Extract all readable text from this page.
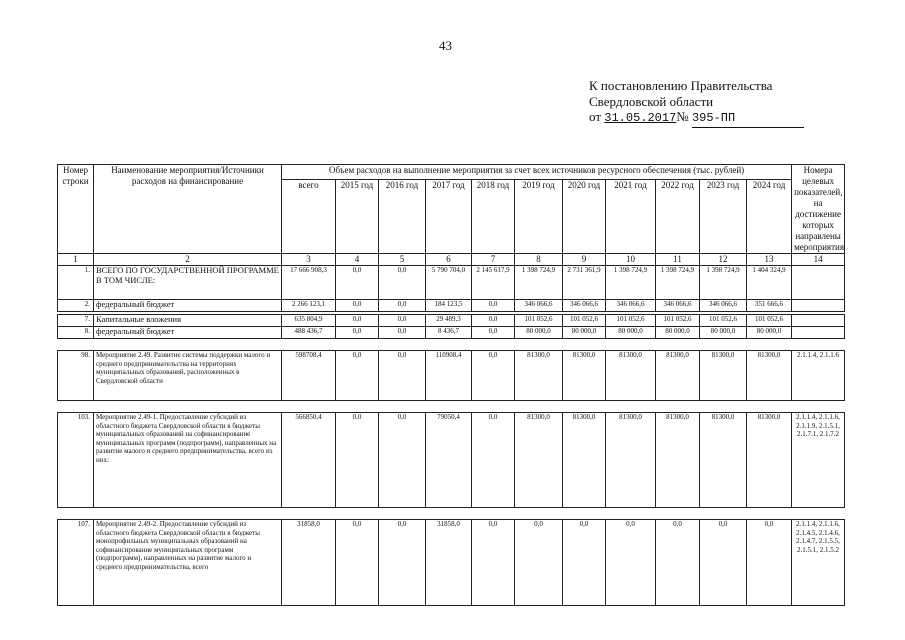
43
К постановлению Правительства
Свердловской области
от 31.05.2017№ 395-ПП
Номер строки	Наименование мероприятия/Источники расходов на финансирование	Объем расходов на выполнение мероприятия за счет всех источников ресурсного обеспечения (тыс. рублей)											Номера целевых показателей, на достижение которых направлены мероприятия
		всего	2015 год	2016 год	2017 год	2018 год	2019 год	2020 год	2021 год	2022 год	2023 год	2024 год	
1	2	3	4	5	6	7	8	9	10	11	12	13	14
1.	ВСЕГО ПО ГОСУДАРСТВЕННОЙ ПРОГРАММЕ В ТОМ ЧИСЛЕ:	17 666 908,3	0,0	0,0	5 790 704,0	2 145 617,9	1 398 724,9	2 731 361,9	1 398 724,9	1 398 724,9	1 398 724,9	1 404 324,9	
2.	федеральный бюджет	2 266 123,1	0,0	0,0	184 123,5	0,0	346 066,6	346 066,6	346 066,6	346 066,6	346 066,6	351 666,6	
7.	Капитальные вложения	635 804,9	0,0	0,0	29 489,3	0,0	101 052,6	101 052,6	101 052,6	101 052,6	101 052,6	101 052,6	
8.	федеральный бюджет	488 436,7	0,0	0,0	8 436,7	0,0	80 000,0	80 000,0	80 000,0	80 000,0	80 000,0	80 000,0	
98.	Мероприятие 2.49. Развитие системы поддержки малого и среднего предпринимательства на территориях муниципальных образований, расположенных в Свердловской области	598708,4	0,0	0,0	110908,4	0,0	81300,0	81300,0	81300,0	81300,0	81300,0	81300,0	2.1.1.4, 2.1.1.6
103.	Мероприятие 2.49-1. Предоставление субсидий из областного бюджета Свердловской области в бюджеты муниципальных образований на софинансирование муниципальных программ (подпрограмм), направленных на развитие малого и среднего предпринимательства, всего из них:	566850,4	0,0	0,0	79050,4	0,0	81300,0	81300,0	81300,0	81300,0	81300,0	81300,0	2.1.1.4, 2.1.1.6, 2.1.1.9, 2.1.5.1, 2.1.7.1, 2.1.7.2
107.	Мероприятие 2.49-2. Предоставление субсидий из областного бюджета Свердловской области в бюджеты монопрофильных муниципальных образований на софинансирование муниципальных программ (подпрограмм), направленных на развитие малого и среднего предпринимательства, всего	31858,0	0,0	0,0	31858,0	0,0	0,0	0,0	0,0	0,0	0,0	0,0	2.1.1.4, 2.1.1.6, 2.1.4.5, 2.1.4.6, 2.1.4.7, 2.1.5.5, 2.1.5.1, 2.1.5.2
